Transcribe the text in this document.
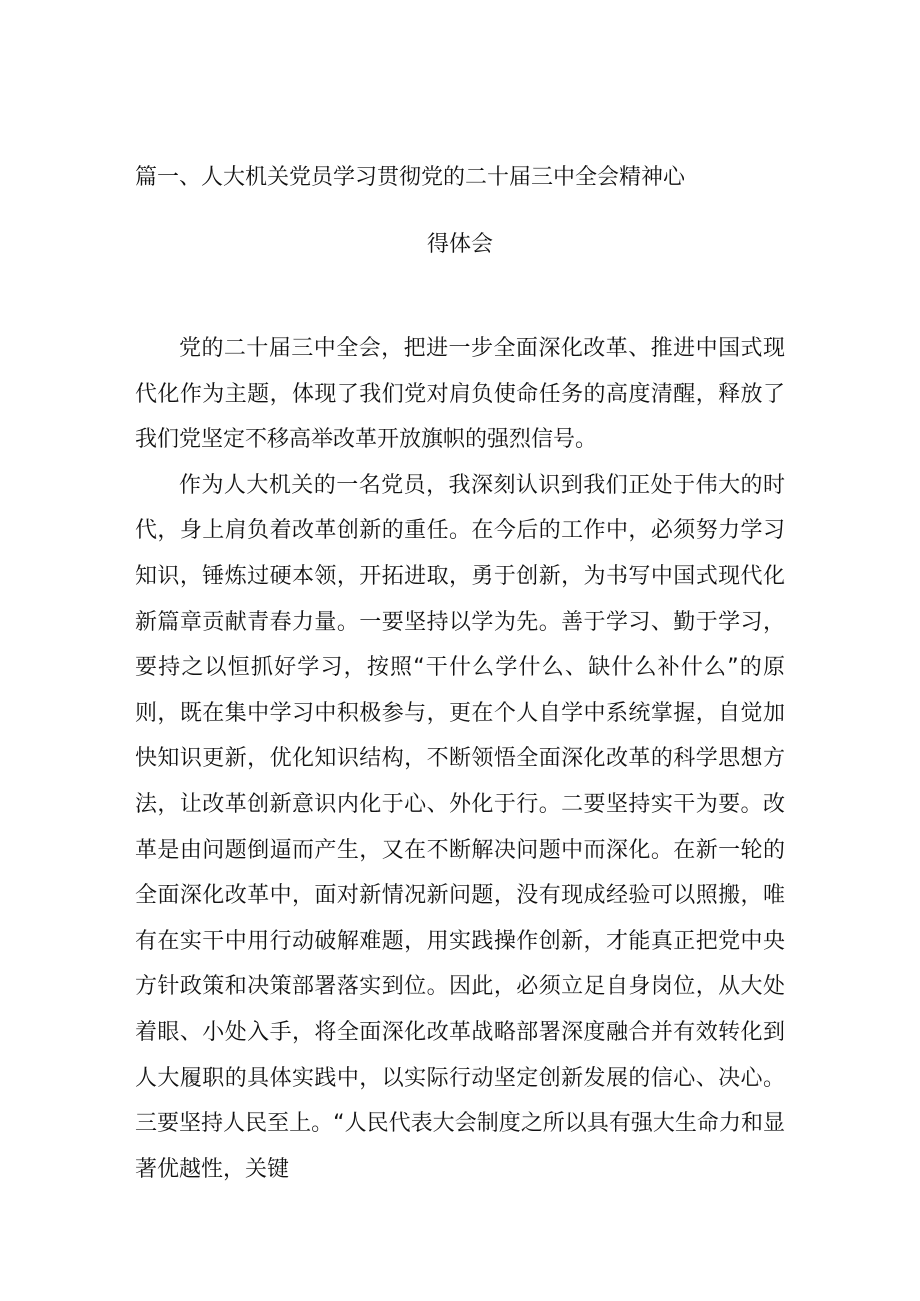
篇一、人大机关党员学习贯彻党的二十届三中全会精神心
得体会

党的二十届三中全会，把进一步全面深化改革、推进中国式现代化作为主题，体现了我们党对肩负使命任务的高度清醒，释放了我们党坚定不移高举改革开放旗帜的强烈信号。

作为人大机关的一名党员，我深刻认识到我们正处于伟大的时代，身上肩负着改革创新的重任。在今后的工作中，必须努力学习知识，锤炼过硬本领，开拓进取，勇于创新，为书写中国式现代化新篇章贡献青春力量。一要坚持以学为先。善于学习、勤于学习，要持之以恒抓好学习，按照“干什么学什么、缺什么补什么”的原则，既在集中学习中积极参与，更在个人自学中系统掌握，自觉加快知识更新，优化知识结构，不断领悟全面深化改革的科学思想方法，让改革创新意识内化于心、外化于行。二要坚持实干为要。改革是由问题倒逼而产生，又在不断解决问题中而深化。在新一轮的全面深化改革中，面对新情况新问题，没有现成经验可以照搬，唯有在实干中用行动破解难题，用实践操作创新，才能真正把党中央方针政策和决策部署落实到位。因此，必须立足自身岗位，从大处着眼、小处入手，将全面深化改革战略部署深度融合并有效转化到人大履职的具体实践中，以实际行动坚定创新发展的信心、决心。三要坚持人民至上。“人民代表大会制度之所以具有强大生命力和显著优越性，关键
